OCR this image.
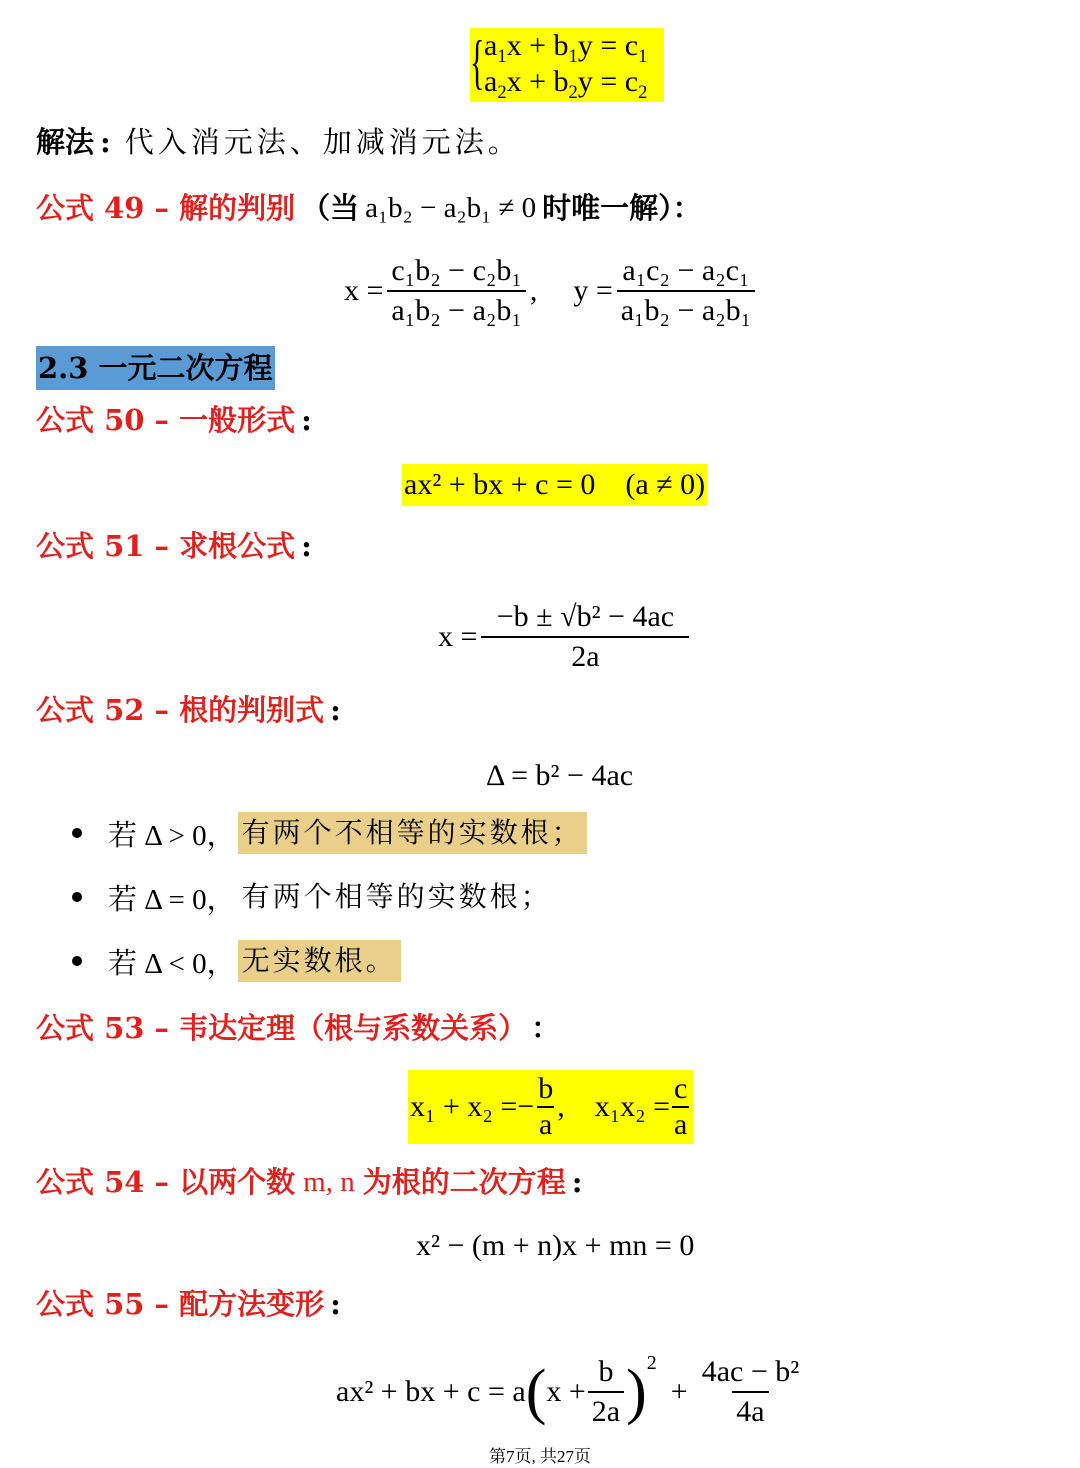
{ $a_1x + b_1y = c_1$
$a_2x + b_2y = c_2$
解法 : 代入消元法、加减消元法。
公式 49 – 解的判别 （当 a₁b₂ − a₂b₁ ≠ 0 时唯一解）：
$x = \frac{\text{c₁b₂ − c₂b₁}}{\text{a₁b₂ − a₂b₁}}$ , $y = \frac{\text{a₁c₂ − a₂c₁}}{\text{a₁b₂ − a₂b₁}}$
2.3 一元二次方程
公式 50 – 一般形式 :
ax² + bx + c = 0    (a ≠ 0)
公式 51 – 求根公式 :
$x = \frac{\text{−b ± √b² − 4ac}}{2a}$
公式 52 – 根的判别式 :
Δ = b² − 4ac
若 Δ > 0， 有两个不相等的实数根；
若 Δ = 0， 有两个相等的实数根；
若 Δ < 0， 无实数根。
公式 53 – 韦达定理（根与系数关系） ：
$x_1 + x_2 =- \frac{b}{a}$ , $x_1x_2 = \frac{c}{a}$
公式 54 – 以两个数 m, n 为根的二次方程 :
x² − (m + n)x + mn = 0
公式 55 – 配方法变形 :
ax² + bx + c = a ( $x + \frac{b}{2a}$ ) 2
+ $\frac{\text{4ac − b²}}{4a}$
第7页, 共27页
